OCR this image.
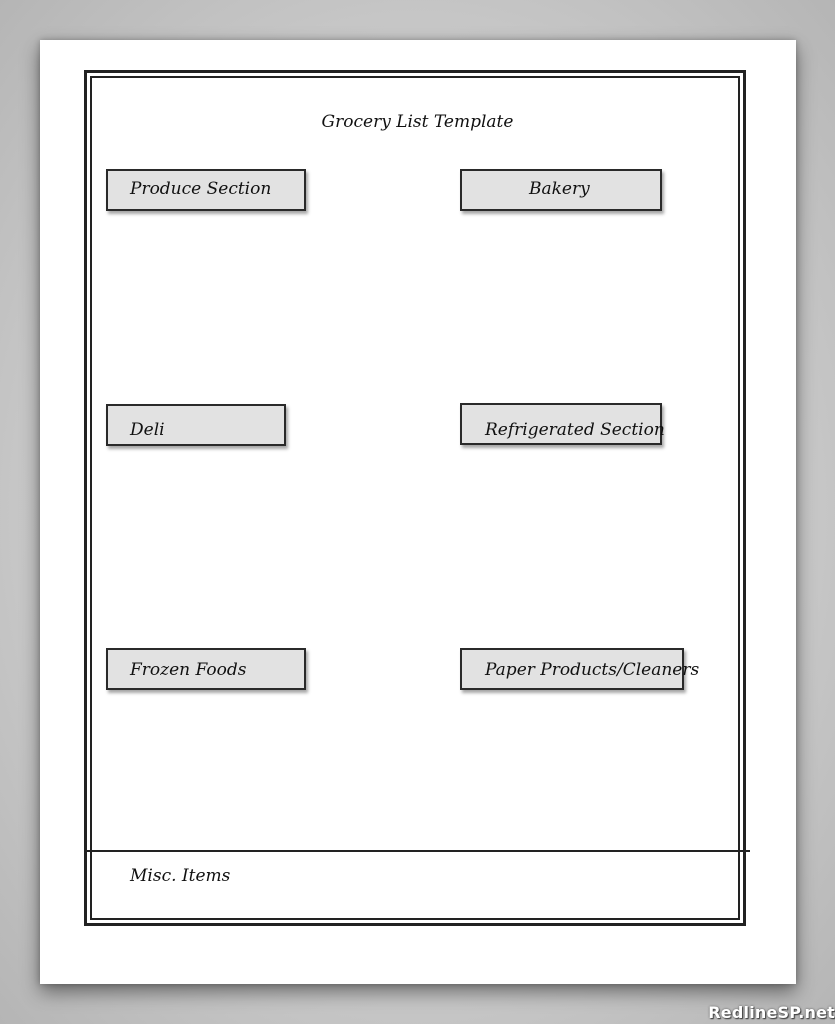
Grocery List Template
Produce Section	Bakery
Deli	Refrigerated Section
Frozen Foods	Paper Products/Cleaners
Misc. Items
RedlineSP.net
